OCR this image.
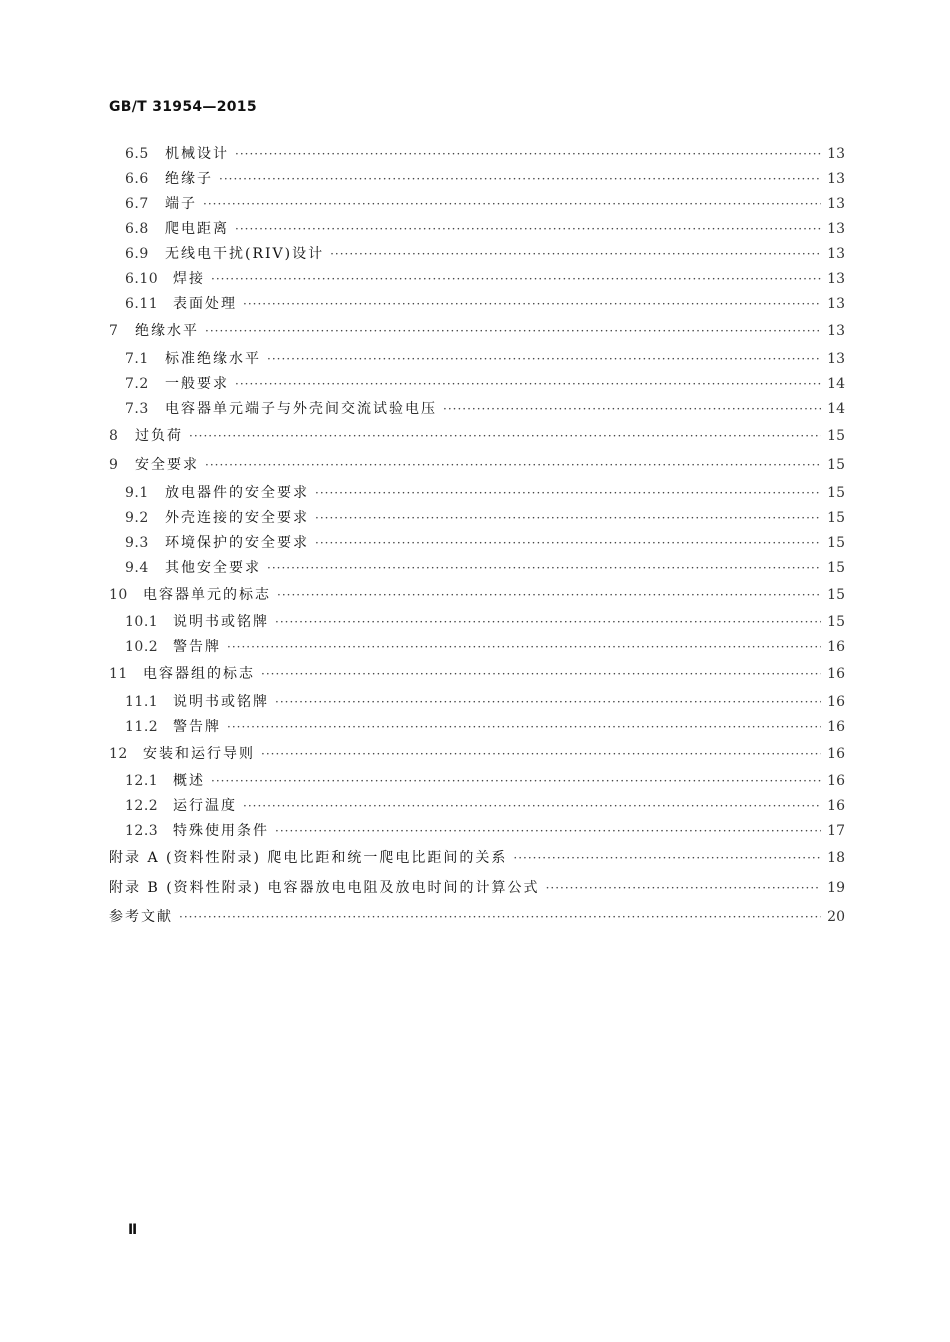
GB/T 31954—2015
6.5	机械设计 ·····	13
6.6	绝缘子 ·····	13
6.7	端子 ·····	13
6.8	爬电距离 ·····	13
6.9	无线电干扰(RIV)设计 ·····	13
6.10	焊接 ·····	13
6.11	表面处理 ·····	13
7	绝缘水平 ·····	13
7.1	标准绝缘水平 ·····	13
7.2	一般要求 ·····	14
7.3	电容器单元端子与外壳间交流试验电压 ·····	14
8	过负荷 ·····	15
9	安全要求 ·····	15
9.1	放电器件的安全要求 ·····	15
9.2	外壳连接的安全要求 ·····	15
9.3	环境保护的安全要求 ·····	15
9.4	其他安全要求 ·····	15
10	电容器单元的标志 ·····	15
10.1	说明书或铭牌 ·····	15
10.2	警告牌 ·····	16
11	电容器组的标志 ·····	16
11.1	说明书或铭牌 ·····	16
11.2	警告牌 ·····	16
12	安装和运行导则 ·····	16
12.1	概述 ·····	16
12.2	运行温度 ·····	16
12.3	特殊使用条件 ·····	17
附录 A (资料性附录) 爬电比距和统一爬电比距间的关系 ·····	18
附录 B (资料性附录) 电容器放电电阻及放电时间的计算公式 ·····	19
参考文献 ·····	20
Ⅱ
